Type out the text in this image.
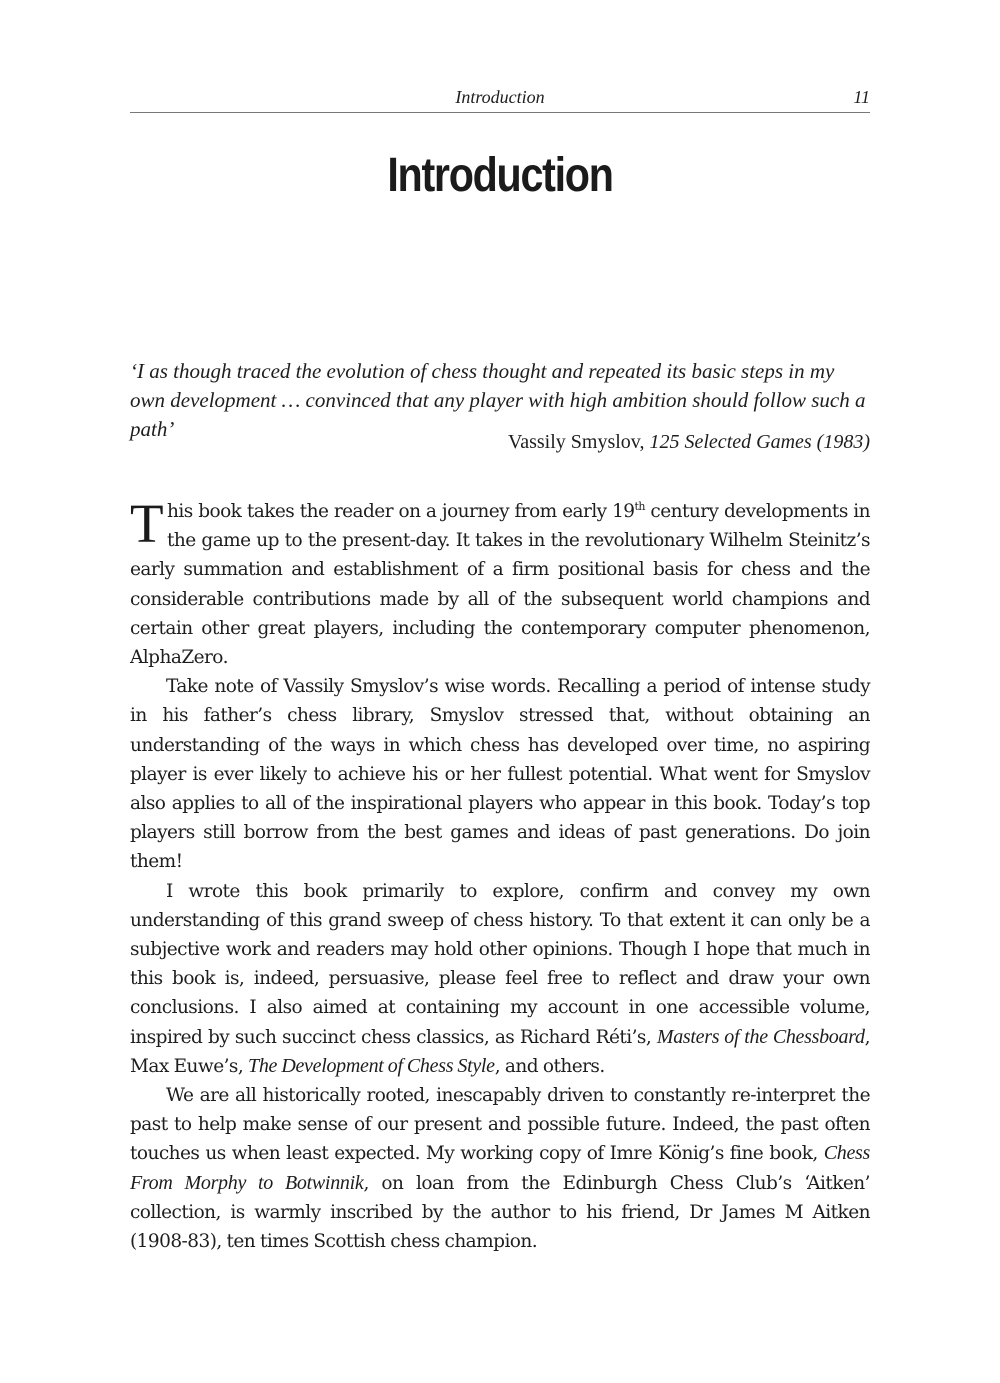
Introduction	11
Introduction

‘I as though traced the evolution of chess thought and repeated its basic steps in my own development … convinced that any player with high ambition should follow such a path’

Vassily Smyslov, 125 Selected Games (1983)

This book takes the reader on a journey from early 19th century developments in the game up to the present-day. It takes in the revolutionary Wilhelm Steinitz’s early summation and establishment of a firm positional basis for chess and the considerable contributions made by all of the subsequent world champions and certain other great players, including the contemporary computer phenomenon, AlphaZero.

Take note of Vassily Smyslov’s wise words. Recalling a period of intense study in his father’s chess library, Smyslov stressed that, without obtaining an understanding of the ways in which chess has developed over time, no aspiring player is ever likely to achieve his or her fullest potential. What went for Smyslov also applies to all of the inspirational players who appear in this book. Today’s top players still borrow from the best games and ideas of past generations. Do join them!

I wrote this book primarily to explore, confirm and convey my own understanding of this grand sweep of chess history. To that extent it can only be a subjective work and readers may hold other opinions. Though I hope that much in this book is, indeed, persuasive, please feel free to reflect and draw your own conclusions. I also aimed at containing my account in one accessible volume, inspired by such succinct chess classics, as Richard Réti’s, Masters of the Chessboard, Max Euwe’s, The Development of Chess Style, and others.

We are all historically rooted, inescapably driven to constantly re-interpret the past to help make sense of our present and possible future. Indeed, the past often touches us when least expected. My working copy of Imre König’s fine book, Chess From Morphy to Botwinnik, on loan from the Edinburgh Chess Club’s ‘Aitken’ collection, is warmly inscribed by the author to his friend, Dr James M Aitken (1908-83), ten times Scottish chess champion.
